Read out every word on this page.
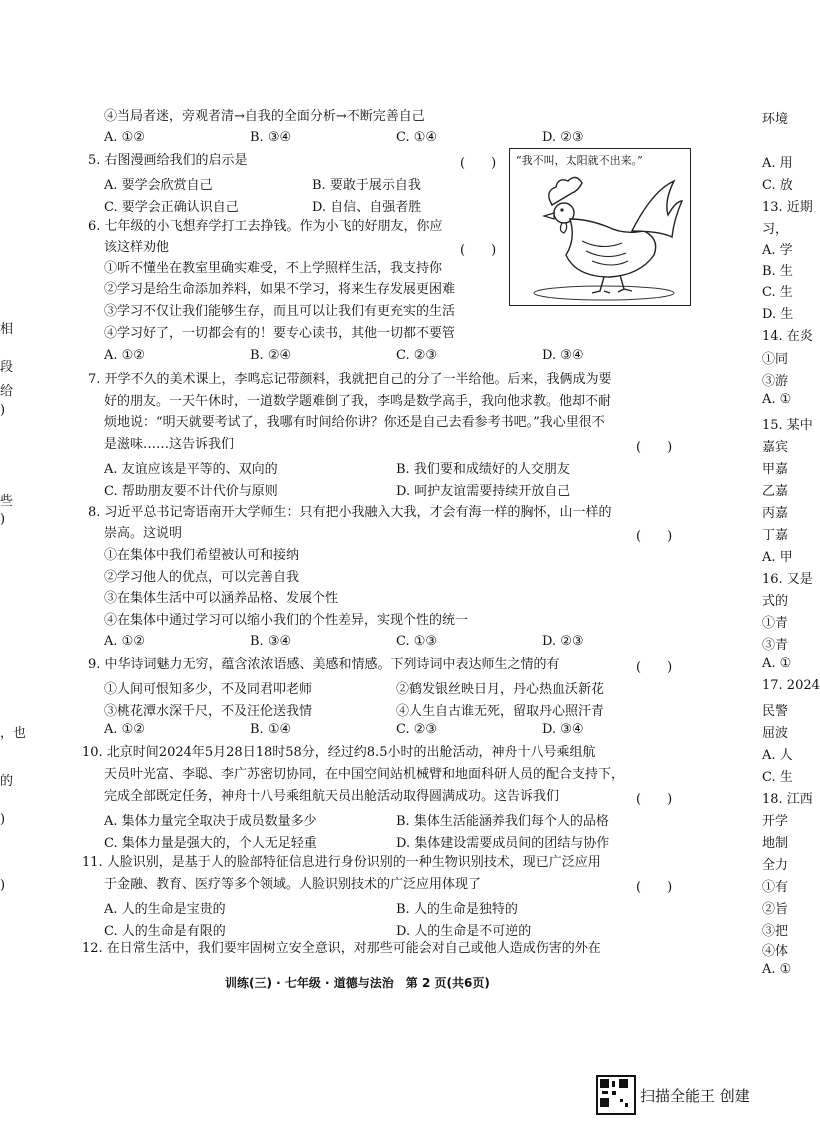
④当局者迷，旁观者清→自我的全面分析→不断完善自己
5. 右图漫画给我们的启示是
6. 七年级的小飞想弃学打工去挣钱。作为小飞的好朋友，你应
该这样劝他
①听不懂坐在教室里确实难受，不上学照样生活，我支持你
②学习是给生命添加养料，如果不学习，将来生存发展更困难
③学习不仅让我们能够生存，而且可以让我们有更充实的生活
④学习好了，一切都会有的！要专心读书，其他一切都不要管
7. 开学不久的美术课上，李鸣忘记带颜料，我就把自己的分了一半给他。后来，我俩成为要
好的朋友。一天午休时，一道数学题难倒了我，李鸣是数学高手，我向他求教。他却不耐
烦地说：“明天就要考试了，我哪有时间给你讲？你还是自己去看参考书吧。”我心里很不
是滋味……这告诉我们
8. 习近平总书记寄语南开大学师生：只有把小我融入大我，才会有海一样的胸怀，山一样的
崇高。这说明
①在集体中我们希望被认可和接纳
②学习他人的优点，可以完善自我
③在集体生活中可以涵养品格、发展个性
④在集体中通过学习可以缩小我们的个性差异，实现个性的统一
9. 中华诗词魅力无穷，蕴含浓浓语感、美感和情感。下列诗词中表达师生之情的有
10. 北京时间2024年5月28日18时58分，经过约8.5小时的出舱活动，神舟十八号乘组航
天员叶光富、李聪、李广苏密切协同，在中国空间站机械臂和地面科研人员的配合支持下，
完成全部既定任务，神舟十八号乘组航天员出舱活动取得圆满成功。这告诉我们
11. 人脸识别，是基于人的脸部特征信息进行身份识别的一种生物识别技术，现已广泛应用
于金融、教育、医疗等多个领域。人脸识别技术的广泛应用体现了
12. 在日常生活中，我们要牢固树立安全意识，对那些可能会对自己或他人造成伤害的外在
(　　)
(　　)
(　　)
(　　)
(　　)
(　　)
(　　)
A. ①②	B. ③④	C. ①④	D. ②③
A. 要学会欣赏自己	B. 要敢于展示自我
C. 要学会正确认识自己	D. 自信、自强者胜
A. ①②	B. ②④	C. ②③	D. ③④
A. 友谊应该是平等的、双向的	B. 我们要和成绩好的人交朋友
C. 帮助朋友要不计代价与原则	D. 呵护友谊需要持续开放自己
A. ①②	B. ③④	C. ①③	D. ②③
①人间可恨知多少，不及同君叩老师	②鹤发银丝映日月，丹心热血沃新花
③桃花潭水深千尺，不及汪伦送我情	④人生自古谁无死，留取丹心照汗青
A. ①②	B. ①④	C. ②③	D. ③④
A. 集体力量完全取决于成员数量多少	B. 集体生活能涵养我们每个人的品格
C. 集体力量是强大的，个人无足轻重	D. 集体建设需要成员间的团结与协作
A. 人的生命是宝贵的	B. 人的生命是独特的
C. 人的生命是有限的	D. 人的生命是不可逆的
相
段
给
)
些
)
，也
的
)
)
环境
A. 用
C. 放
13. 近期
习，
A. 学
B. 生
C. 生
D. 生
14. 在炎
①同
③游
A. ①
15. 某中
嘉宾
甲嘉
乙嘉
丙嘉
丁嘉
A. 甲
16. 又是
式的
①青
③青
A. ①
17. 2024
民警
屈波
A. 人
C. 生
18. 江西
开学
地制
全力
①有
②旨
③把
④体
A. ①
“我不叫，太阳就不出来。”
训练(三) · 七年级 · 道德与法治　第 2 页(共6页)
扫描全能王 创建
